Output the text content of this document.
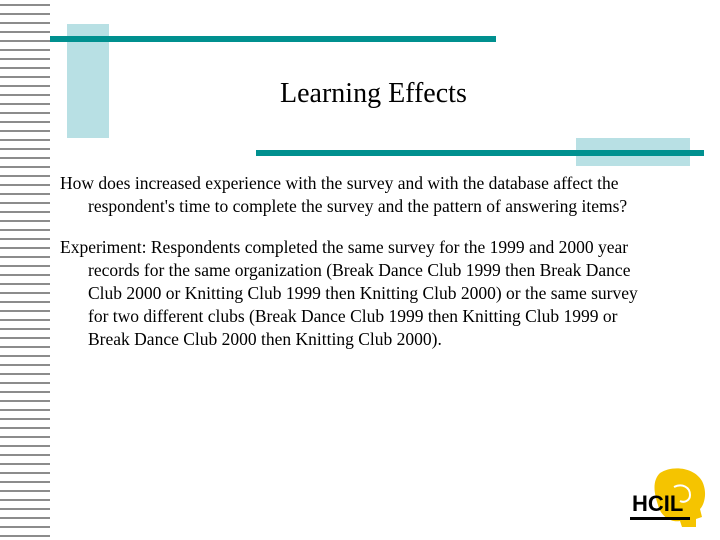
Learning Effects

How does increased experience with the survey and with the database affect the respondent's time to complete the survey and the pattern of answering items?

Experiment: Respondents completed the same survey for the 1999 and 2000 year records for the same organization (Break Dance Club 1999 then Break Dance Club 2000 or Knitting Club 1999 then Knitting Club 2000) or the same survey for two different clubs (Break Dance Club 1999 then Knitting Club 1999 or Break Dance Club 2000 then Knitting Club 2000).

HCIL
